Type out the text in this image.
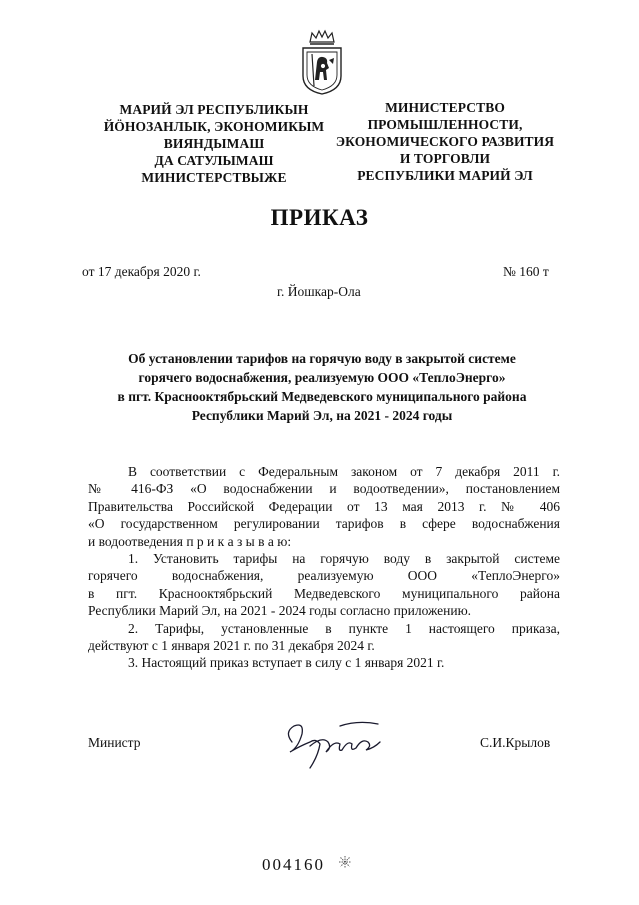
МАРИЙ ЭЛ РЕСПУБЛИКЫН
ЙӦНОЗАНЛЫК, ЭКОНОМИКЫМ
ВИЯНДЫМАШ
ДА САТУЛЫМАШ
МИНИСТЕРСТВЫЖЕ
МИНИСТЕРСТВО
ПРОМЫШЛЕННОСТИ,
ЭКОНОМИЧЕСКОГО РАЗВИТИЯ
И ТОРГОВЛИ
РЕСПУБЛИКИ МАРИЙ ЭЛ
ПРИКАЗ
от 17 декабря 2020 г.	№ 160 т
г. Йошкар-Ола
Об установлении тарифов на горячую воду в закрытой системе
горячего водоснабжения, реализуемую ООО «ТеплоЭнерго»
в пгт. Краснооктябрьский Медведевского муниципального района
Республики Марий Эл, на 2021 - 2024 годы
В соответствии с Федеральным законом от 7 декабря 2011 г.
№ 416-ФЗ «О водоснабжении и водоотведении», постановлением
Правительства Российской Федерации от 13 мая 2013 г. № 406
«О государственном регулировании тарифов в сфере водоснабжения
и водоотведения п р и к а з ы в а ю:
1. Установить тарифы на горячую воду в закрытой системе
горячего водоснабжения, реализуемую ООО «ТеплоЭнерго»
в пгт. Краснооктябрьский Медведевского муниципального района
Республики Марий Эл, на 2021 - 2024 годы согласно приложению.
2. Тарифы, установленные в пункте 1 настоящего приказа,
действуют с 1 января 2021 г. по 31 декабря 2024 г.
3. Настоящий приказ вступает в силу с 1 января 2021 г.
Министр	С.И.Крылов
004160
